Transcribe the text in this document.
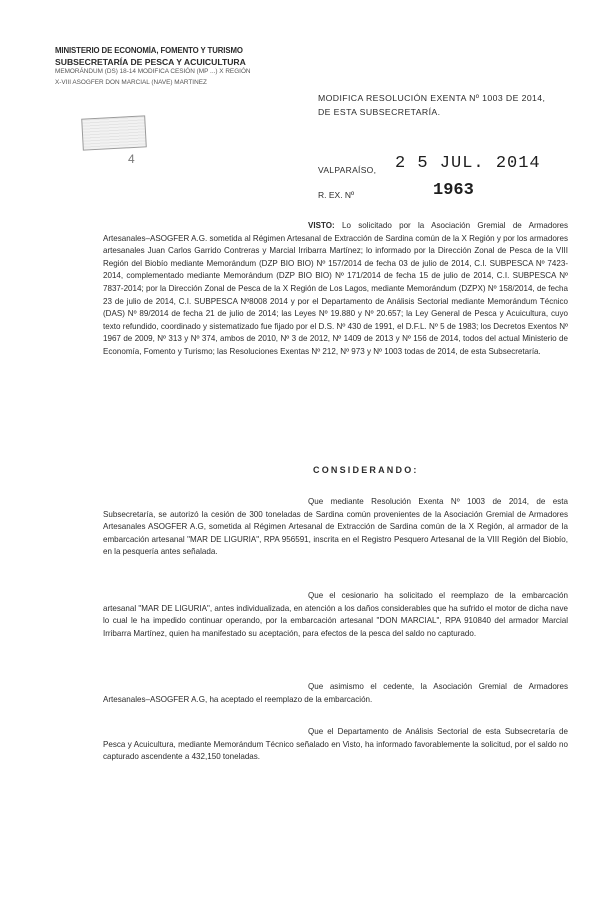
MINISTERIO DE ECONOMÍA, FOMENTO Y TURISMO
SUBSECRETARÍA DE PESCA Y ACUICULTURA
MEMORÁNDUM (DS) 18-14 MODIFICA CESIÓN (MP ...) X REGIÓN
X-VIII ASOGFER DON MARCIAL (NAVE) MARTINEZ
4
MODIFICA RESOLUCIÓN EXENTA Nº 1003 DE 2014,
DE ESTA SUBSECRETARÍA.
VALPARAÍSO, 2 5 JUL. 2014
R. EX. Nº	1963

VISTO: Lo solicitado por la Asociación Gremial de Armadores Artesanales–ASOGFER A.G. sometida al Régimen Artesanal de Extracción de Sardina común de la X Región y por los armadores artesanales Juan Carlos Garrido Contreras y Marcial Irribarra Martínez; lo informado por la Dirección Zonal de Pesca de la VIII Región del Biobío mediante Memorándum (DZP BIO BIO) Nº 157/2014 de fecha 03 de julio de 2014, C.I. SUBPESCA Nº 7423-2014, complementado mediante Memorándum (DZP BIO BIO) Nº 171/2014 de fecha 15 de julio de 2014, C.I. SUBPESCA Nº 7837-2014; por la Dirección Zonal de Pesca de la X Región de Los Lagos, mediante Memorándum (DZPX) Nº 158/2014, de fecha 23 de julio de 2014, C.I. SUBPESCA Nº8008 2014 y por el Departamento de Análisis Sectorial mediante Memorándum Técnico (DAS) Nº 89/2014 de fecha 21 de julio de 2014; las Leyes Nº 19.880 y Nº 20.657; la Ley General de Pesca y Acuicultura, cuyo texto refundido, coordinado y sistematizado fue fijado por el D.S. Nº 430 de 1991, el D.F.L. Nº 5 de 1983; los Decretos Exentos Nº 1967 de 2009, Nº 313 y Nº 374, ambos de 2010, Nº 3 de 2012, Nº 1409 de 2013 y Nº 156 de 2014, todos del actual Ministerio de Economía, Fomento y Turismo; las Resoluciones Exentas Nº 212, Nº 973 y Nº 1003 todas de 2014, de esta Subsecretaría.

CONSIDERANDO:

Que mediante Resolución Exenta Nº 1003 de 2014, de esta Subsecretaría, se autorizó la cesión de 300 toneladas de Sardina común provenientes de la Asociación Gremial de Armadores Artesanales ASOGFER A.G, sometida al Régimen Artesanal de Extracción de Sardina común de la X Región, al armador de la embarcación artesanal "MAR DE LIGURIA", RPA 956591, inscrita en el Registro Pesquero Artesanal de la VIII Región del Biobío, en la pesquería antes señalada.

Que el cesionario ha solicitado el reemplazo de la embarcación artesanal "MAR DE LIGURIA", antes individualizada, en atención a los daños considerables que ha sufrido el motor de dicha nave lo cual le ha impedido continuar operando, por la embarcación artesanal "DON MARCIAL", RPA 910840 del armador Marcial Irribarra Martínez, quien ha manifestado su aceptación, para efectos de la pesca del saldo no capturado.

Que asimismo el cedente, la Asociación Gremial de Armadores Artesanales–ASOGFER A.G, ha aceptado el reemplazo de la embarcación.

Que el Departamento de Análisis Sectorial de esta Subsecretaría de Pesca y Acuicultura, mediante Memorándum Técnico señalado en Visto, ha informado favorablemente la solicitud, por el saldo no capturado ascendente a 432,150 toneladas.
